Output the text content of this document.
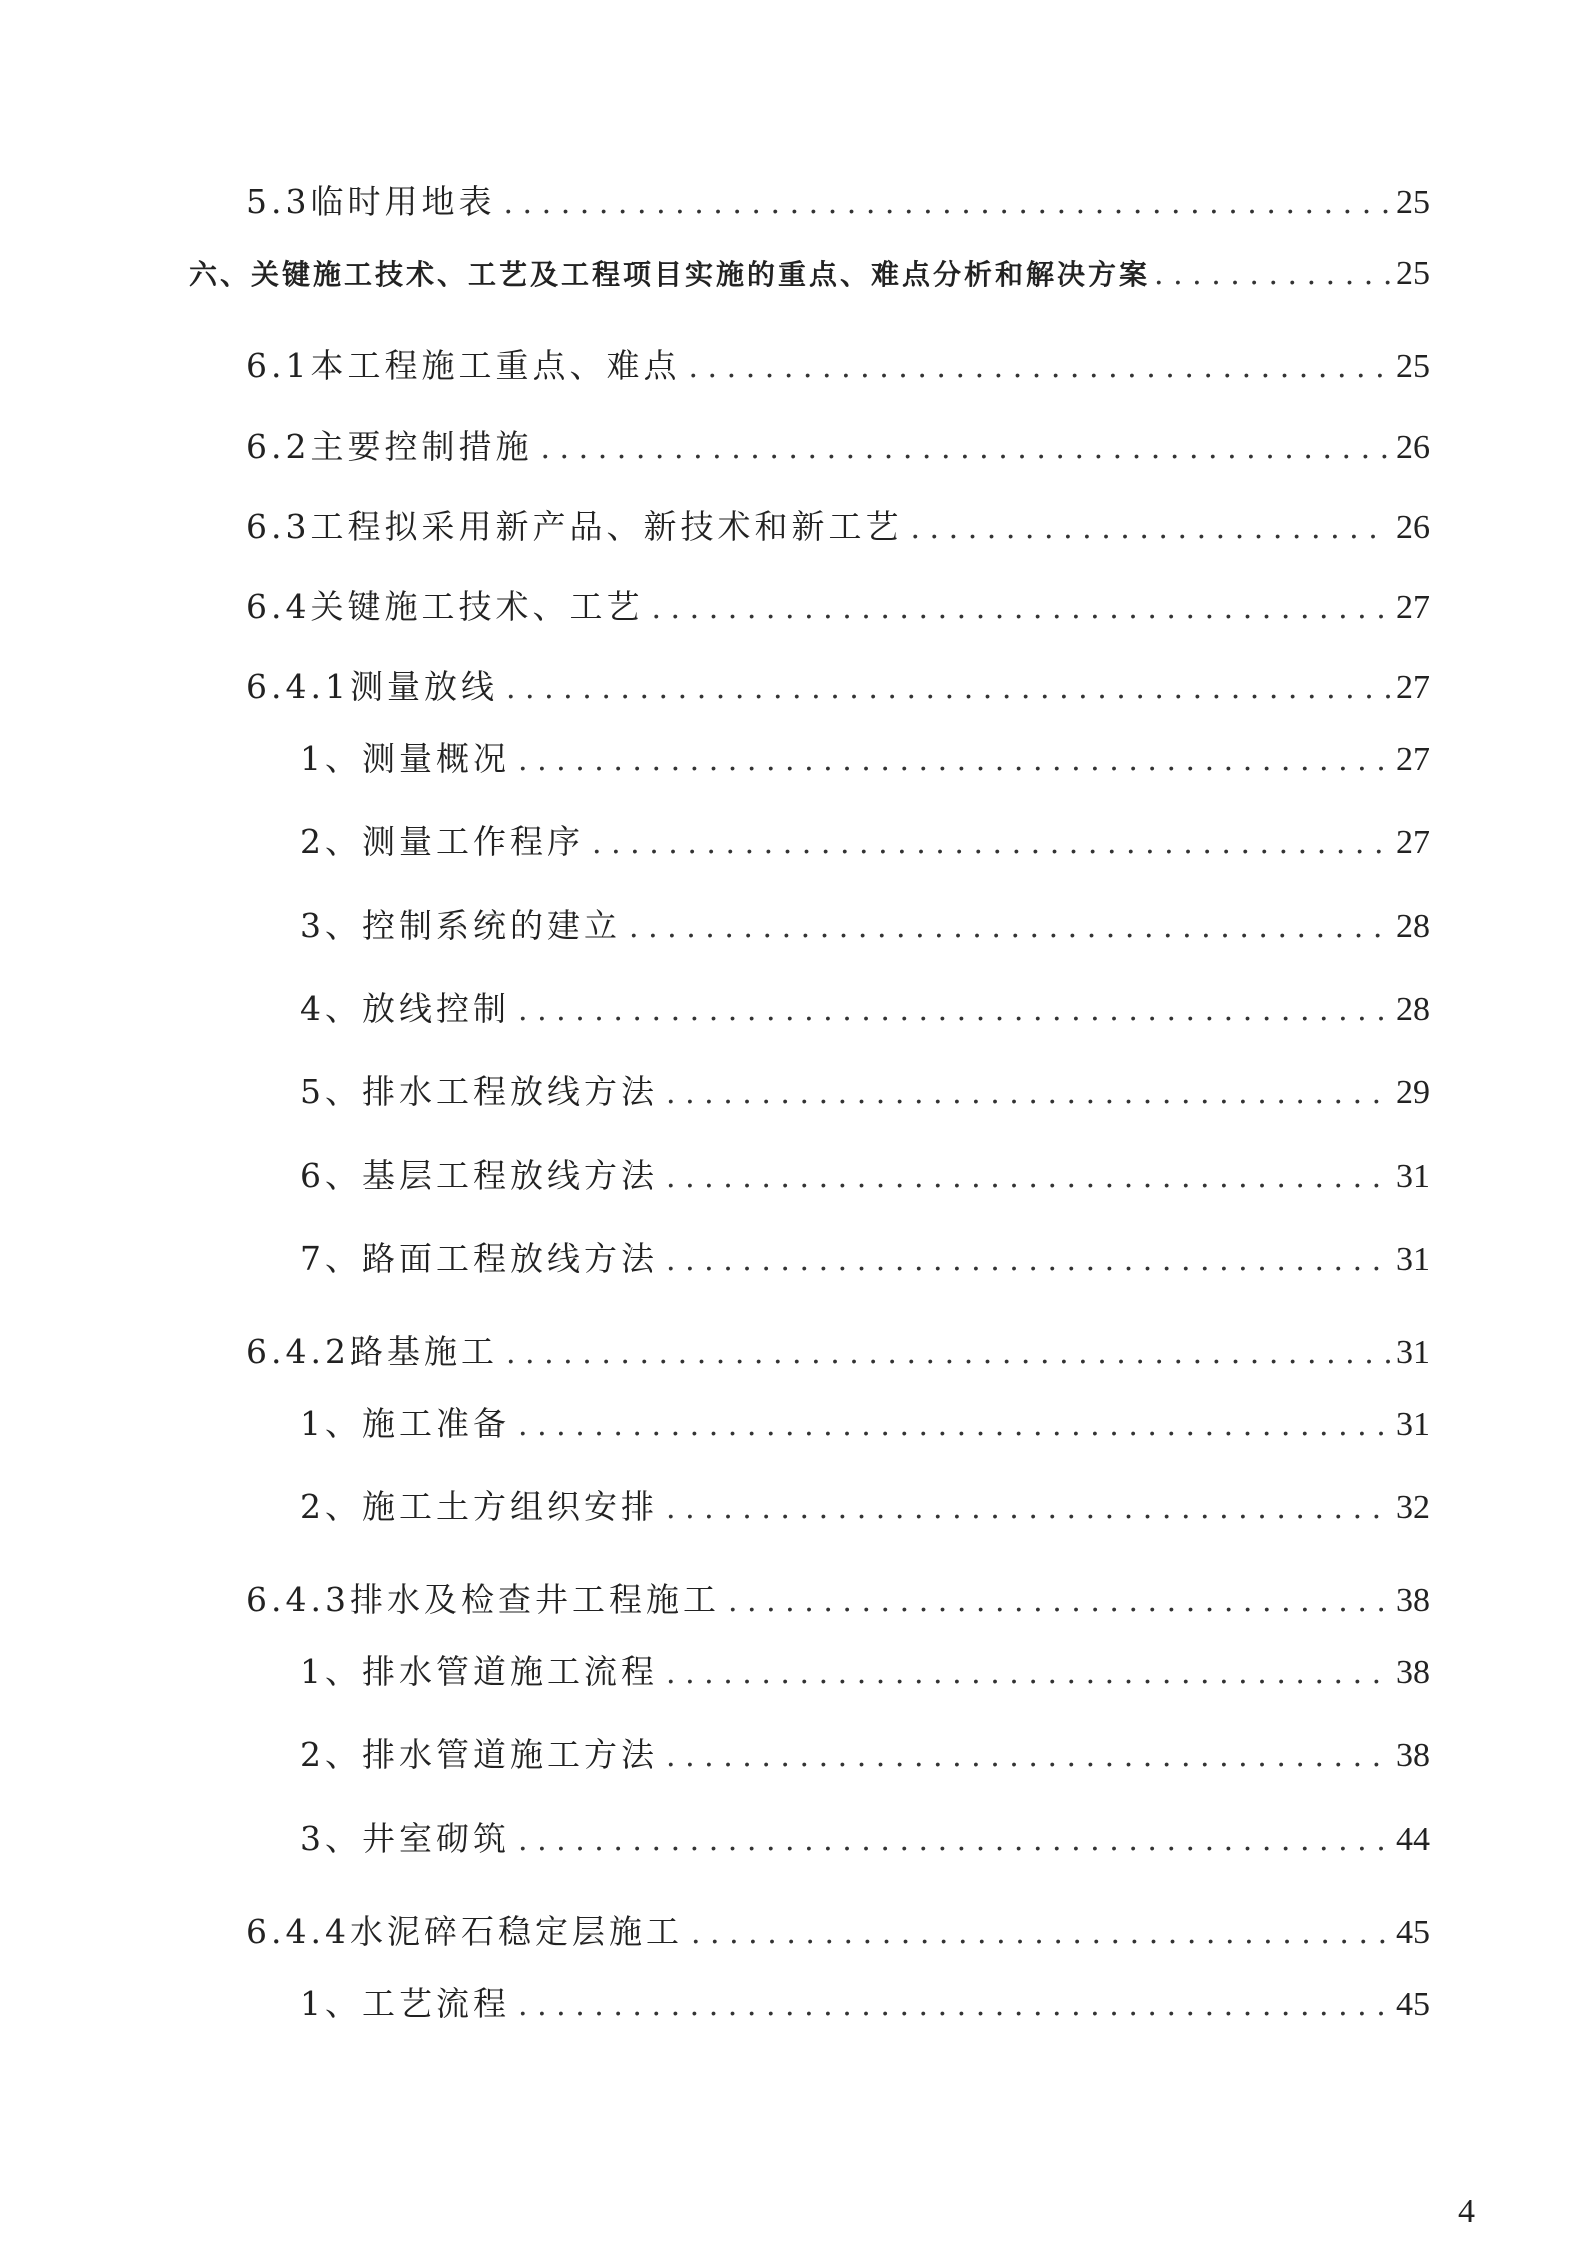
5.3临时用地表 . . .	25
六、关键施工技术、工艺及工程项目实施的重点、难点分析和解决方案 . . .	25
6.1本工程施工重点、难点 . . .	25
6.2主要控制措施 . . .	26
6.3工程拟采用新产品、新技术和新工艺 . . .	26
6.4关键施工技术、工艺 . . .	27
6.4.1测量放线 . . .	27
1、测量概况 . . .	27
2、测量工作程序 . . .	27
3、控制系统的建立 . . .	28
4、放线控制 . . .	28
5、排水工程放线方法 . . .	29
6、基层工程放线方法 . . .	31
7、路面工程放线方法 . . .	31
6.4.2路基施工 . . .	31
1、施工准备 . . .	31
2、施工土方组织安排 . . .	32
6.4.3排水及检查井工程施工 . . .	38
1、排水管道施工流程 . . .	38
2、排水管道施工方法 . . .	38
3、井室砌筑 . . .	44
6.4.4水泥碎石稳定层施工 . . .	45
1、工艺流程 . . .	45
4
